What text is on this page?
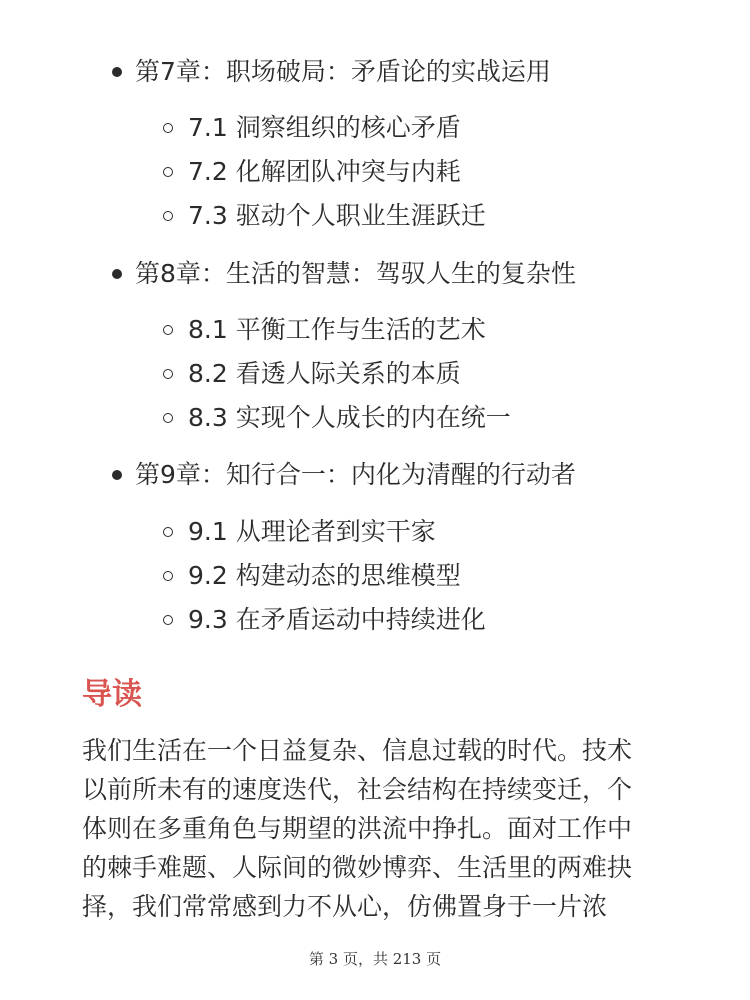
第7章：职场破局：矛盾论的实战运用
7.1 洞察组织的核心矛盾
7.2 化解团队冲突与内耗
7.3 驱动个人职业生涯跃迁
第8章：生活的智慧：驾驭人生的复杂性
8.1 平衡工作与生活的艺术
8.2 看透人际关系的本质
8.3 实现个人成长的内在统一
第9章：知行合一：内化为清醒的行动者
9.1 从理论者到实干家
9.2 构建动态的思维模型
9.3 在矛盾运动中持续进化
导读
我们生活在一个日益复杂、信息过载的时代。技术
以前所未有的速度迭代，社会结构在持续变迁，个
体则在多重角色与期望的洪流中挣扎。面对工作中
的棘手难题、人际间的微妙博弈、生活里的两难抉
择，我们常常感到力不从心，仿佛置身于一片浓
第 3 页，共 213 页
